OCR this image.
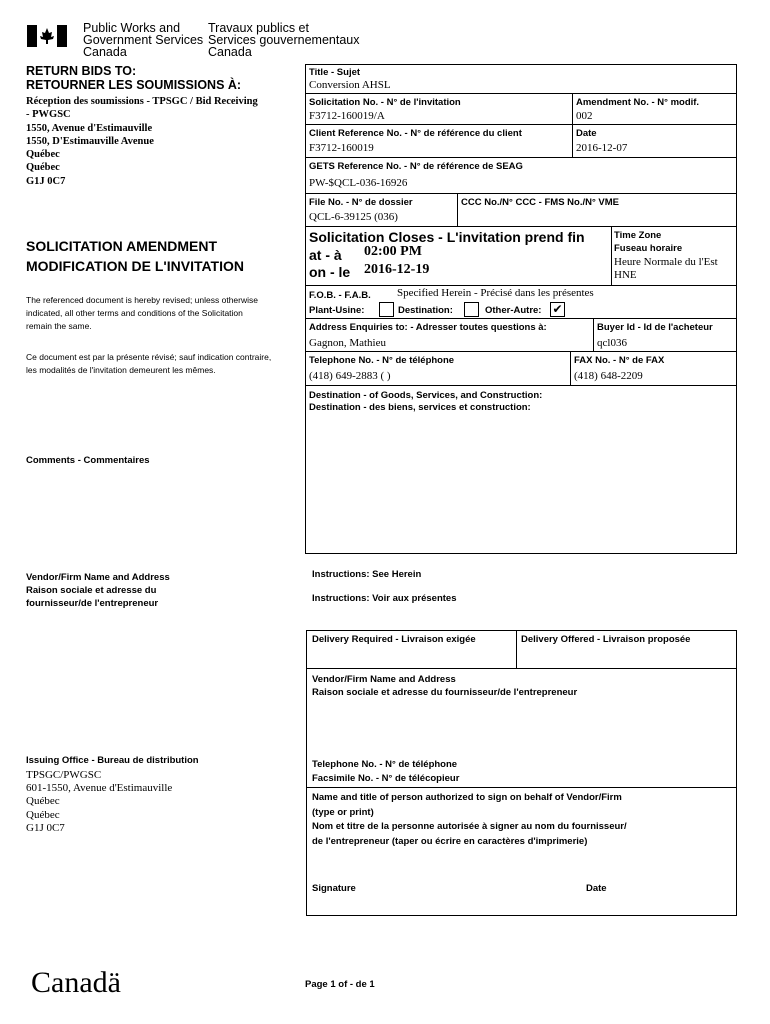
Public Works and
Government Services
Canada
Travaux publics et
Services gouvernementaux
Canada
RETURN BIDS TO:
RETOURNER LES SOUMISSIONS À:
Réception des soumissions - TPSGC / Bid Receiving
- PWGSC
1550, Avenue d'Estimauville
1550, D'Estimauville Avenue
Québec
Québec
G1J 0C7
SOLICITATION AMENDMENT
MODIFICATION DE L'INVITATION
The referenced document is hereby revised; unless otherwise
indicated, all other terms and conditions of the Solicitation
remain the same.
Ce document est par la présente révisé; sauf indication contraire,
les modalités de l'invitation demeurent les mêmes.
Comments - Commentaires
Vendor/Firm Name and Address
Raison sociale et adresse du
fournisseur/de l'entrepreneur
Issuing Office - Bureau de distribution
TPSGC/PWGSC
601-1550, Avenue d'Estimauville
Québec
Québec
G1J 0C7
Title - Sujet
Conversion AHSL
Solicitation No. - N° de l'invitation
F3712-160019/A
Amendment No. - N° modif.
002
Client Reference No. - N° de référence du client
F3712-160019
Date
2016-12-07
GETS Reference No. - N° de référence de SEAG
PW-$QCL-036-16926
File No. - N° de dossier
QCL-6-39125 (036)
CCC No./N° CCC - FMS No./N° VME
Solicitation Closes - L'invitation prend fin
at - à 02:00 PM
on - le 2016-12-19
Time Zone
Fuseau horaire
Heure Normale du l'Est
HNE
F.O.B. - F.A.B. Specified Herein - Précisé dans les présentes
Plant-Usine:	Destination:	Other-Autre: ✔
Address Enquiries to: - Adresser toutes questions à:
Gagnon, Mathieu
Buyer Id - Id de l'acheteur
qcl036
Telephone No. - N° de téléphone
(418) 649-2883 ( )
FAX No. - N° de FAX
(418) 648-2209
Destination - of Goods, Services, and Construction:
Destination - des biens, services et construction:
Instructions: See Herein
Instructions: Voir aux présentes
Delivery Required - Livraison exigée	Delivery Offered - Livraison proposée
Vendor/Firm Name and Address
Raison sociale et adresse du fournisseur/de l'entrepreneur
Telephone No. - N° de téléphone
Facsimile No. - N° de télécopieur
Name and title of person authorized to sign on behalf of Vendor/Firm
(type or print)
Nom et titre de la personne autorisée à signer au nom du fournisseur/
de l'entrepreneur (taper ou écrire en caractères d'imprimerie)
Signature	Date
Canadä	Page 1 of - de 1
